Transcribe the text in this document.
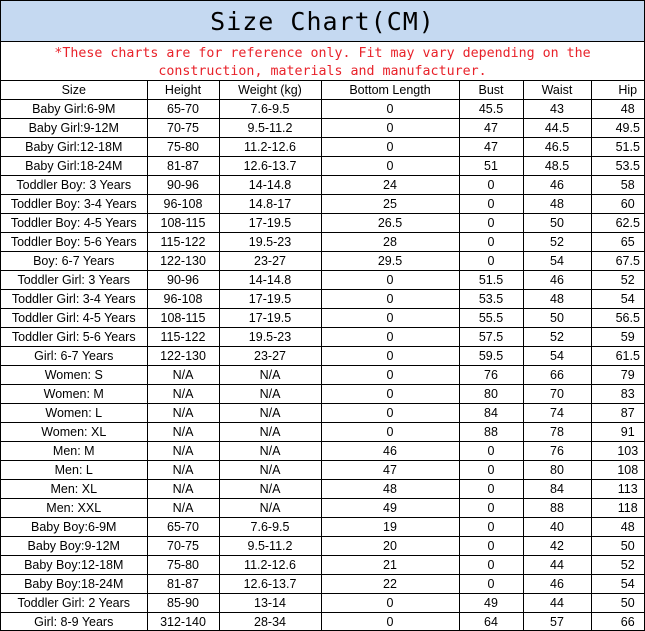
Size Chart(CM)
*These charts are for reference only. Fit may vary depending on the construction, materials and manufacturer.
Size	Height	Weight (kg)	Bottom Length	Bust	Waist	Hip
Baby Girl:6-9M	65-70	7.6-9.5	0	45.5	43	48
Baby Girl:9-12M	70-75	9.5-11.2	0	47	44.5	49.5
Baby Girl:12-18M	75-80	11.2-12.6	0	47	46.5	51.5
Baby Girl:18-24M	81-87	12.6-13.7	0	51	48.5	53.5
Toddler Boy: 3 Years	90-96	14-14.8	24	0	46	58
Toddler Boy: 3-4 Years	96-108	14.8-17	25	0	48	60
Toddler Boy: 4-5 Years	108-115	17-19.5	26.5	0	50	62.5
Toddler Boy: 5-6 Years	115-122	19.5-23	28	0	52	65
Boy: 6-7 Years	122-130	23-27	29.5	0	54	67.5
Toddler Girl: 3 Years	90-96	14-14.8	0	51.5	46	52
Toddler Girl: 3-4 Years	96-108	17-19.5	0	53.5	48	54
Toddler Girl: 4-5 Years	108-115	17-19.5	0	55.5	50	56.5
Toddler Girl: 5-6 Years	115-122	19.5-23	0	57.5	52	59
Girl: 6-7 Years	122-130	23-27	0	59.5	54	61.5
Women: S	N/A	N/A	0	76	66	79
Women: M	N/A	N/A	0	80	70	83
Women: L	N/A	N/A	0	84	74	87
Women: XL	N/A	N/A	0	88	78	91
Men: M	N/A	N/A	46	0	76	103
Men: L	N/A	N/A	47	0	80	108
Men: XL	N/A	N/A	48	0	84	113
Men: XXL	N/A	N/A	49	0	88	118
Baby Boy:6-9M	65-70	7.6-9.5	19	0	40	48
Baby Boy:9-12M	70-75	9.5-11.2	20	0	42	50
Baby Boy:12-18M	75-80	11.2-12.6	21	0	44	52
Baby Boy:18-24M	81-87	12.6-13.7	22	0	46	54
Toddler Girl: 2 Years	85-90	13-14	0	49	44	50
Girl: 8-9 Years	312-140	28-34	0	64	57	66
